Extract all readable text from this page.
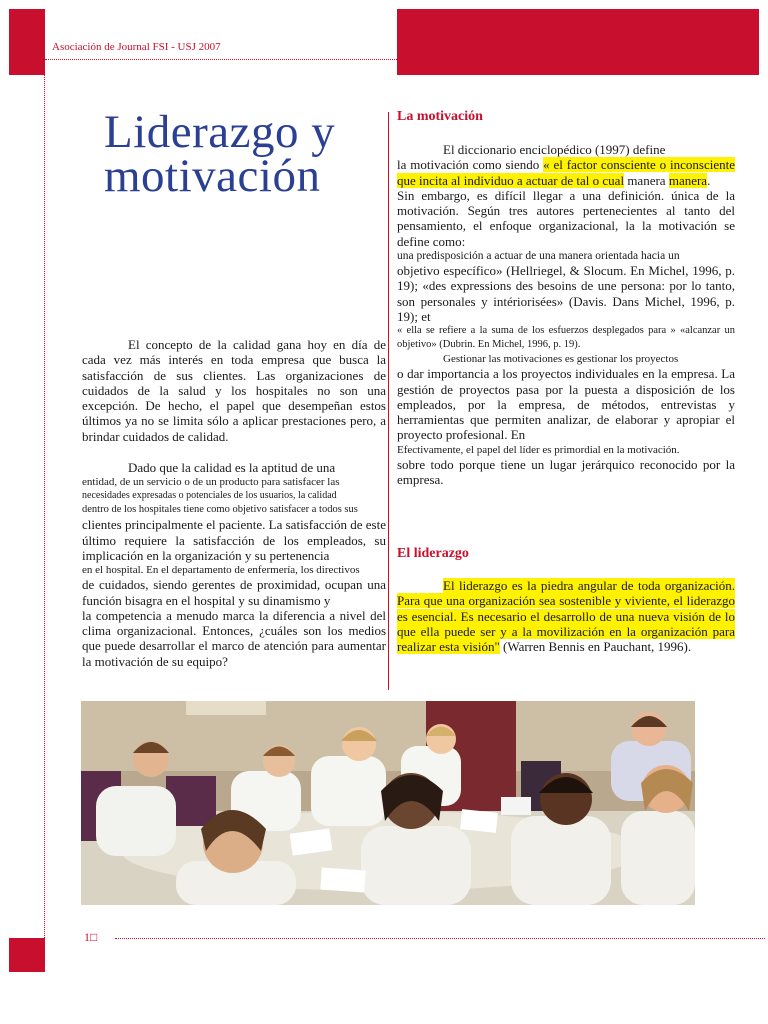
Asociación de Journal FSI - USJ 2007
Liderazgo y
motivación

El concepto de la calidad gana hoy en día de cada vez más interés en toda empresa que busca la satisfacción de sus clientes. Las organizaciones de cuidados de la salud y los hospitales no son una excepción. De hecho, el papel que desempeñan estos últimos ya no se limita sólo a aplicar prestaciones pero, a brindar cuidados de calidad.

Dado que la calidad es la aptitud de una

entidad, de un servicio o de un producto para satisfacer las

necesidades expresadas o potenciales de los usuarios, la calidad

dentro de los hospitales tiene como objetivo satisfacer a todos sus

clientes principalmente el paciente. La satisfacción de este último requiere la satisfacción de los empleados, su implicación en la organización y su pertenencia

en el hospital. En el departamento de enfermería, los directivos

de cuidados, siendo gerentes de proximidad, ocupan una función bisagra en el hospital y su dinamismo y

la competencia a menudo marca la diferencia a nivel del clima organizacional. Entonces, ¿cuáles son los medios que puede desarrollar el marco de atención para aumentar la motivación de su equipo?

La motivación

El diccionario enciclopédico (1997) define

la motivación como siendo « el factor consciente o inconsciente que incita al individuo a actuar de tal o cual manera manera.

Sin embargo, es difícil llegar a una definición. única de la motivación. Según tres autores pertenecientes al tanto del pensamiento, el enfoque organizacional, la la motivación se define como:

una predisposición a actuar de una manera orientada hacia un

objetivo específico» (Hellriegel, & Slocum. En Michel, 1996, p. 19); «des expressions des besoins de une persona: por lo tanto, son personales y intériorisées» (Davis. Dans Michel, 1996, p. 19); et

« ella se refiere a la suma de los esfuerzos desplegados para » «alcanzar un objetivo» (Dubrin. En Michel, 1996, p. 19).

Gestionar las motivaciones es gestionar los proyectos

o dar importancia a los proyectos individuales en la empresa. La gestión de proyectos pasa por la puesta a disposición de los empleados, por la empresa, de métodos, entrevistas y herramientas que permiten analizar, de elaborar y apropiar el proyecto profesional. En

Efectivamente, el papel del líder es primordial en la motivación.

sobre todo porque tiene un lugar jerárquico reconocido por la empresa.

El liderazgo

El liderazgo es la piedra angular de toda organización. Para que una organización sea sostenible y viviente, el liderazgo es esencial. Es necesario el desarrollo de una nueva visión de lo que ella puede ser y a la movilización en la organización para realizar esta visión" (Warren Bennis en Pauchant, 1996).

1□
